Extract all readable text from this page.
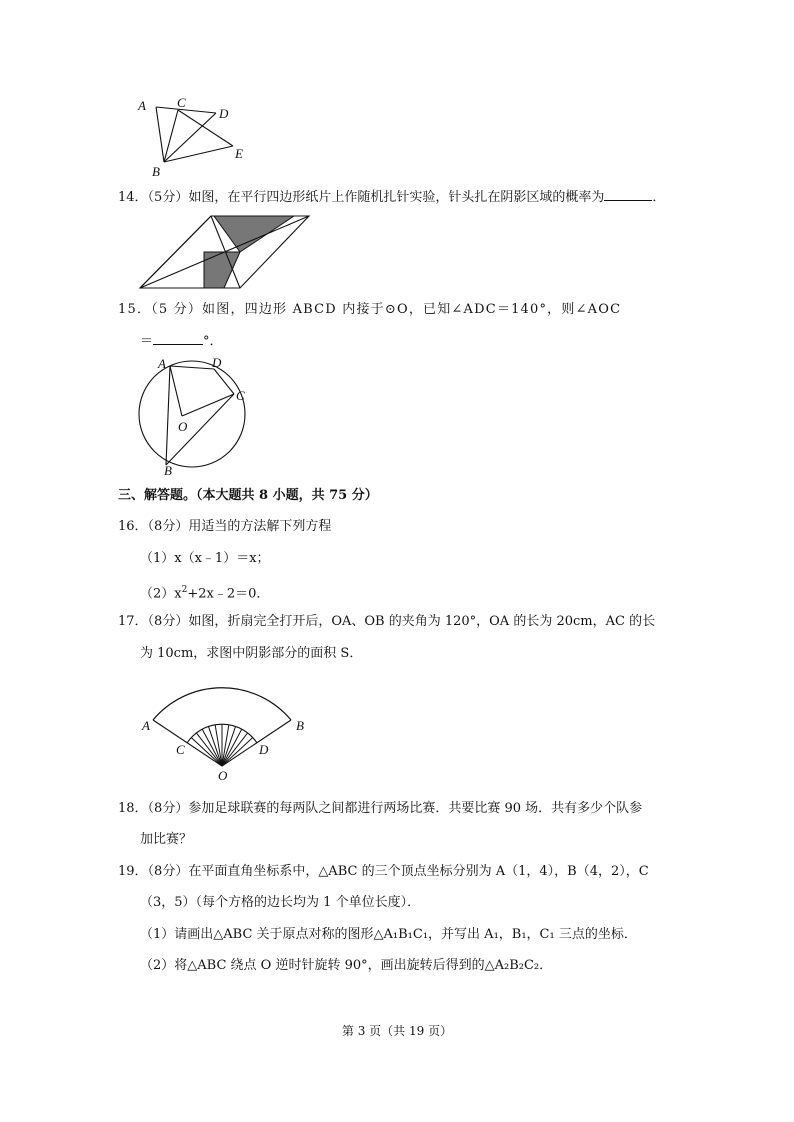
A C
D
E
B
14．（5分）如图，在平行四边形纸片上作随机扎针实验，针头扎在阴影区域的概率为	．
15．（5 分）如图，四边形 ABCD 内接于⊙O，已知∠ADC＝140°，则∠AOC
＝	°．
A	D
C
O
B
三、解答题。（本大题共 8 小题，共 75 分）
16．（8分）用适当的方法解下列方程
（1）x（x﹣1）＝x；
$(2)x^2+2x﹣2=0$．
17．（8分）如图，折扇完全打开后，OA、OB 的夹角为 120°，OA 的长为 20cm，AC 的长
为 10cm，求图中阴影部分的面积 S．
A	B
C	D
O
18．（8分）参加足球联赛的每两队之间都进行两场比赛．共要比赛 90 场．共有多少个队参
加比赛？
19．（8分）在平面直角坐标系中，△ABC 的三个顶点坐标分别为 A（1，4），B（4，2），C
（3，5）（每个方格的边长均为 1 个单位长度）．
（1）请画出△ABC 关于原点对称的图形△A₁B₁C₁，并写出 A₁，B₁，C₁ 三点的坐标．
（2）将△ABC 绕点 O 逆时针旋转 90°，画出旋转后得到的△A₂B₂C₂．
第 3 页（共 19 页）
